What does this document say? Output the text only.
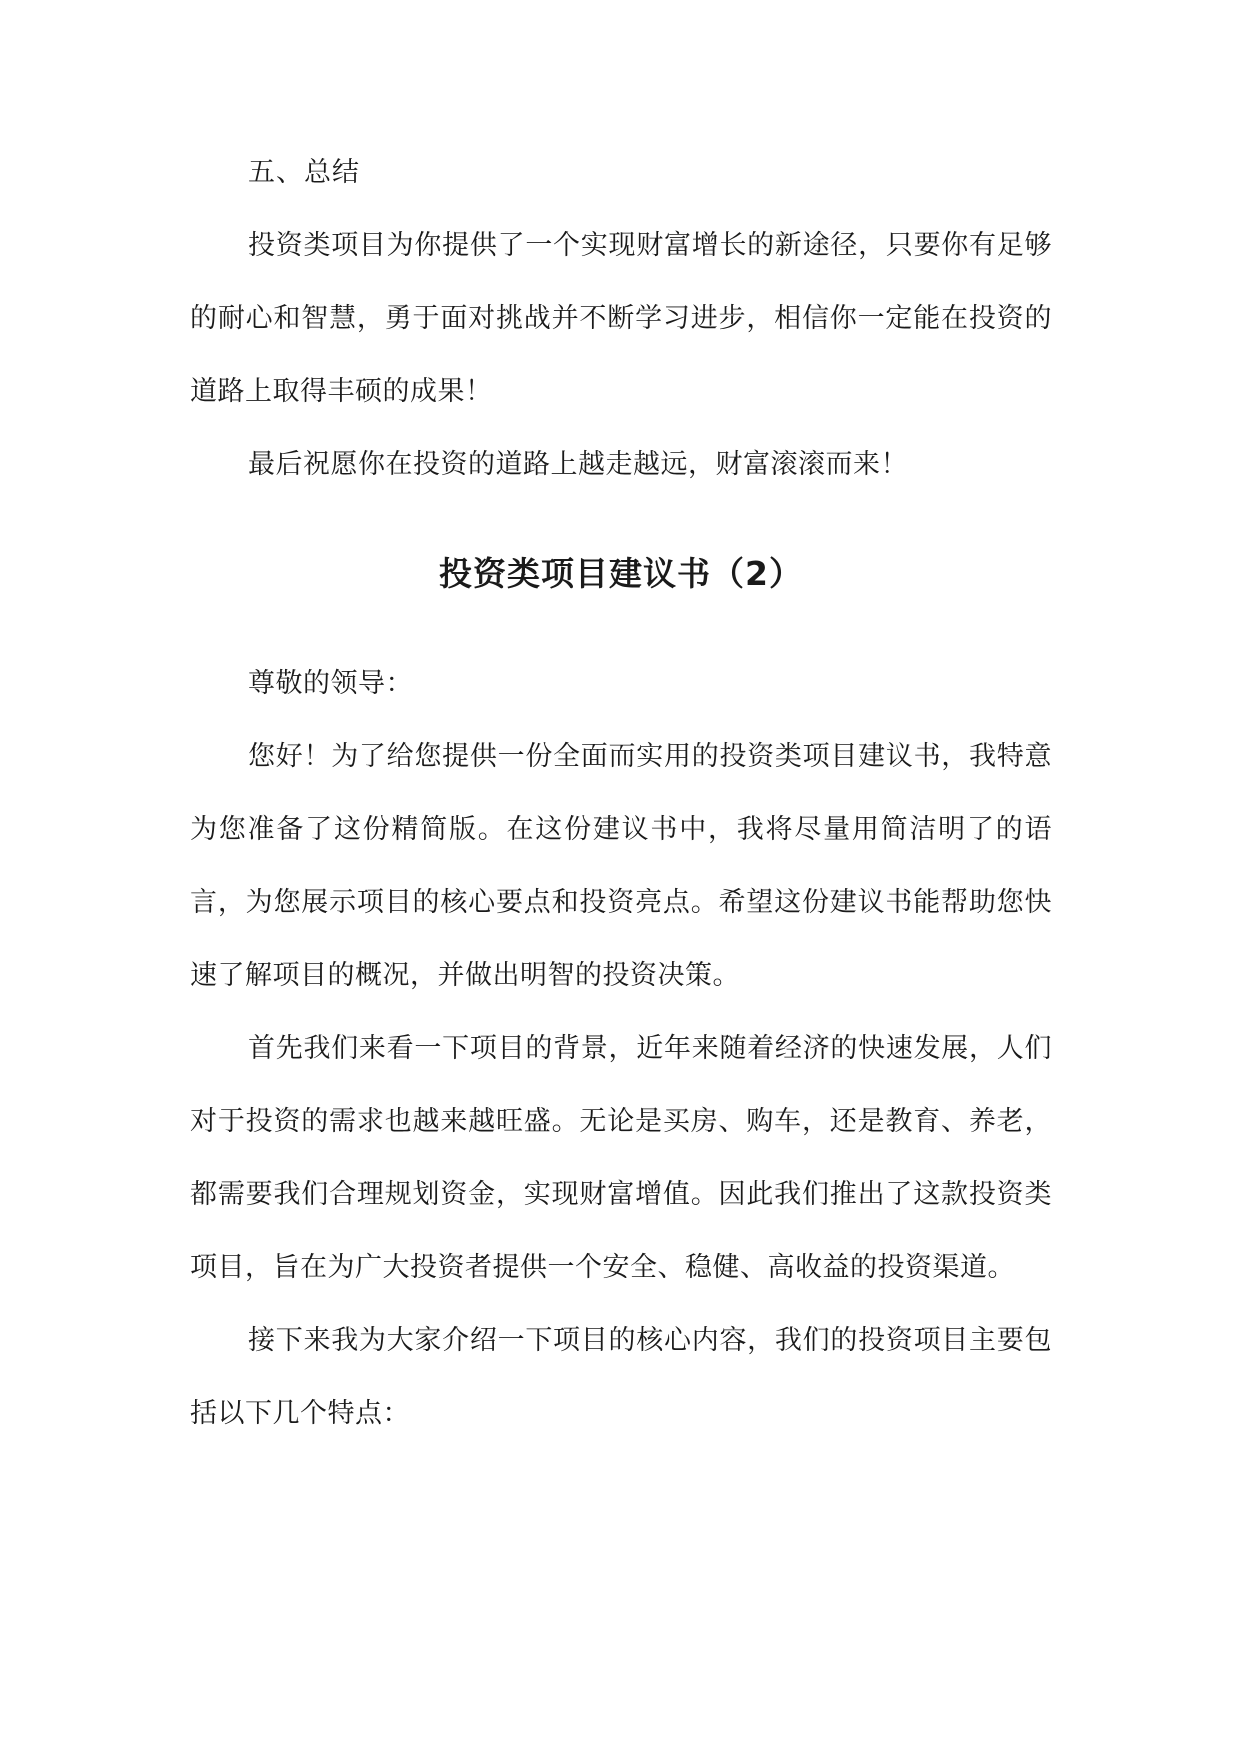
五、总结

投资类项目为你提供了一个实现财富增长的新途径，只要你有足够的耐心和智慧，勇于面对挑战并不断学习进步，相信你一定能在投资的道路上取得丰硕的成果！

最后祝愿你在投资的道路上越走越远，财富滚滚而来！

投资类项目建议书（2）

尊敬的领导：

您好！为了给您提供一份全面而实用的投资类项目建议书，我特意为您准备了这份精简版。在这份建议书中，我将尽量用简洁明了的语言，为您展示项目的核心要点和投资亮点。希望这份建议书能帮助您快速了解项目的概况，并做出明智的投资决策。

首先我们来看一下项目的背景，近年来随着经济的快速发展，人们对于投资的需求也越来越旺盛。无论是买房、购车，还是教育、养老，都需要我们合理规划资金，实现财富增值。因此我们推出了这款投资类项目，旨在为广大投资者提供一个安全、稳健、高收益的投资渠道。

接下来我为大家介绍一下项目的核心内容，我们的投资项目主要包括以下几个特点：
